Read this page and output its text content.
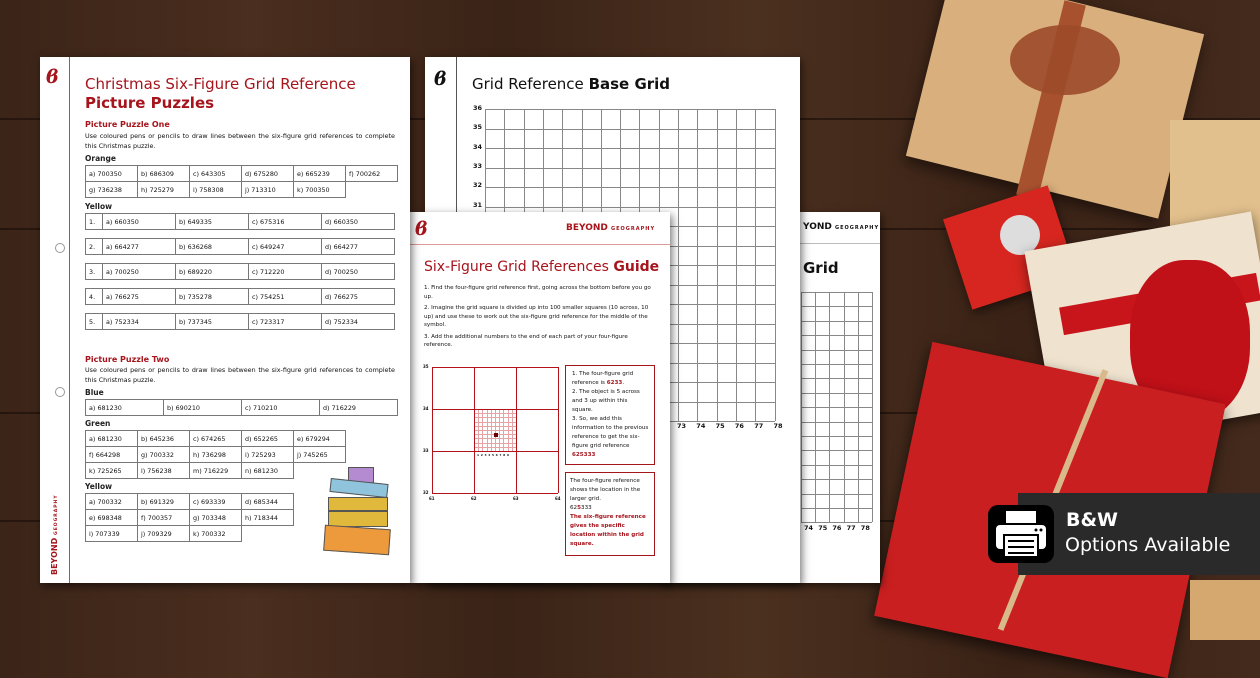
YOND GEOGRAPHY
Grid
74 75 76 77 78
ϐ Grid Reference Base Grid
36
35
34
33
32
31
73 74 75 76 77 78
ϐ	BEYOND GEOGRAPHY
Six-Figure Grid References Guide

1. Find the four-figure grid reference first, going across the bottom before you go up.

2. Imagine the grid square is divided up into 100 smaller squares (10 across, 10 up) and use these to work out the six-figure grid reference for the middle of the symbol.

3. Add the additional numbers to the end of each part of your four-figure reference.

35
34
33
32
61	62	63	64
1 2 3 4 5 6 7 8 9
1. The four-figure grid reference is 6233.
2. The object is 5 across and 3 up within this square.
3. So, we add this information to the previous reference to get the six-figure grid reference 625333
The four-figure reference shows the location in the larger grid.
625333
The six-figure reference gives the specific location within the grid square.
ϐ
BEYOND GEOGRAPHY
Christmas Six-Figure Grid Reference
Picture Puzzles
Picture Puzzle One
Use coloured pens or pencils to draw lines between the six-figure grid references to complete this Christmas puzzle.
Orange
a) 700350	b) 686309	c) 643305	d) 675280	e) 665239	f) 700262
g) 736238	h) 725279	i) 758308	j) 713310	k) 700350	
Yellow
1.	a) 660350	b) 649335	c) 675316	d) 660350
2.	a) 664277	b) 636268	c) 649247	d) 664277
3.	a) 700250	b) 689220	c) 712220	d) 700250
4.	a) 766275	b) 735278	c) 754251	d) 766275
5.	a) 752334	b) 737345	c) 723317	d) 752334
Picture Puzzle Two
Use coloured pens or pencils to draw lines between the six-figure grid references to complete this Christmas puzzle.
Blue
a) 681230	b) 690210	c) 710210	d) 716229
Green
a) 681230	b) 645236	c) 674265	d) 652265	e) 679294
f) 664298	g) 700332	h) 736298	i) 725293	j) 745265
k) 725265	l) 756238	m) 716229	n) 681230	
Yellow
a) 700332	b) 691329	c) 693339	d) 685344
e) 698348	f) 700357	g) 703348	h) 718344
i) 707339	j) 709329	k) 700332	
B&W
Options Available
